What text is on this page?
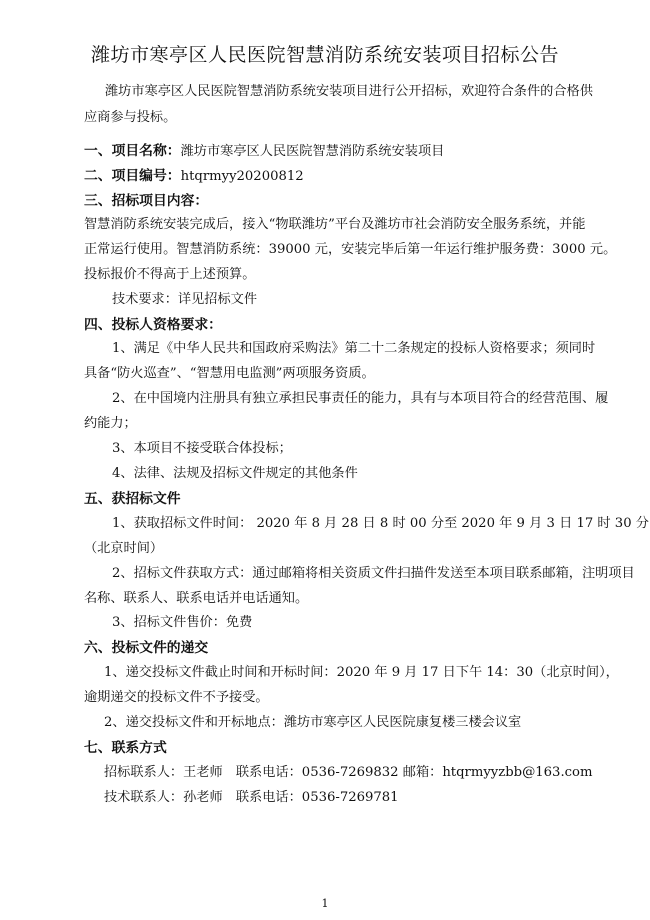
潍坊市寒亭区人民医院智慧消防系统安装项目招标公告
潍坊市寒亭区人民医院智慧消防系统安装项目进行公开招标，欢迎符合条件的合格供
应商参与投标。
一、项目名称：潍坊市寒亭区人民医院智慧消防系统安装项目
二、项目编号：htqrmyy20200812
三、招标项目内容：
智慧消防系统安装完成后，接入“物联潍坊”平台及潍坊市社会消防安全服务系统，并能
正常运行使用。智慧消防系统：39000 元，安装完毕后第一年运行维护服务费：3000 元。
投标报价不得高于上述预算。
技术要求：详见招标文件
四、投标人资格要求：
1、满足《中华人民共和国政府采购法》第二十二条规定的投标人资格要求；须同时
具备“防火巡查”、“智慧用电监测”两项服务资质。
2、在中国境内注册具有独立承担民事责任的能力，具有与本项目符合的经营范围、履
约能力；
3、本项目不接受联合体投标；
4、法律、法规及招标文件规定的其他条件
五、获招标文件
1、获取招标文件时间： 2020 年 8 月 28 日 8 时 00 分至 2020 年 9 月 3 日 17 时 30 分
（北京时间）
2、招标文件获取方式：通过邮箱将相关资质文件扫描件发送至本项目联系邮箱，注明项目
名称、联系人、联系电话并电话通知。
3、招标文件售价：免费
六、投标文件的递交
1、递交投标文件截止时间和开标时间：2020 年 9 月 17 日下午 14：30（北京时间），
逾期递交的投标文件不予接受。
2、递交投标文件和开标地点：潍坊市寒亭区人民医院康复楼三楼会议室
七、联系方式
招标联系人：王老师　联系电话：0536-7269832 邮箱：htqrmyyzbb@163.com
技术联系人：孙老师　联系电话：0536-7269781
1
